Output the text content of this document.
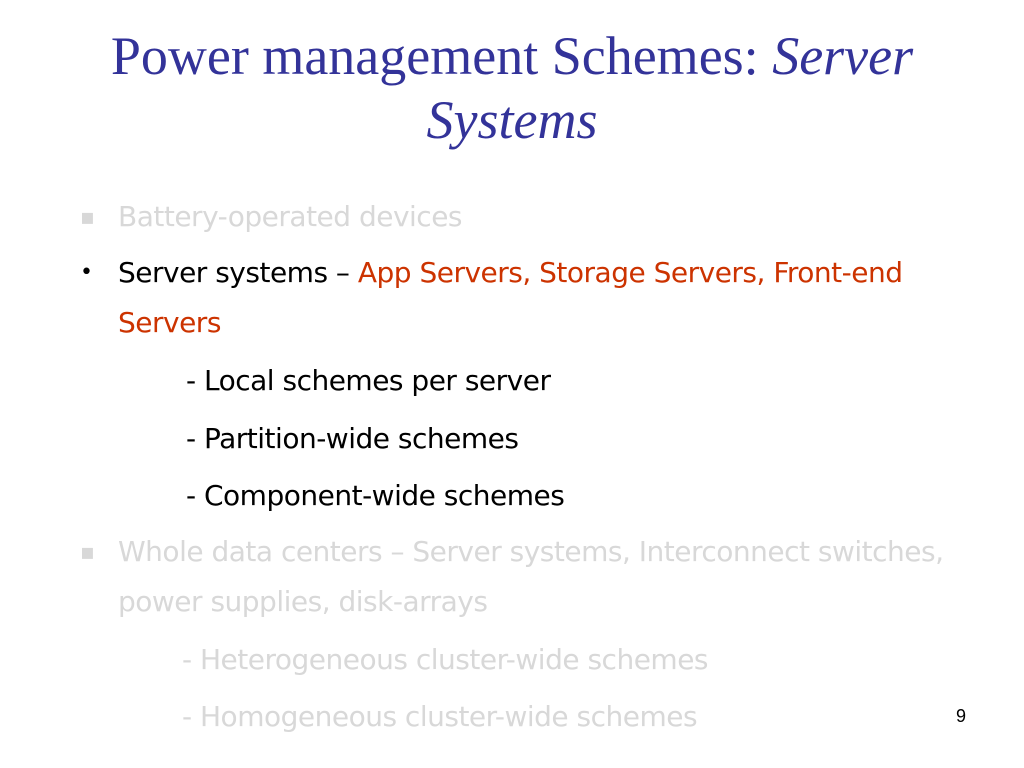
Power management Schemes: Server
Systems
▪ Battery-operated devices
• Server systems – App Servers, Storage Servers, Front-end
Servers
- Local schemes per server
- Partition-wide schemes
- Component-wide schemes
▪ Whole data centers – Server systems, Interconnect switches,
power supplies, disk-arrays
- Heterogeneous cluster-wide schemes
- Homogeneous cluster-wide schemes	9
